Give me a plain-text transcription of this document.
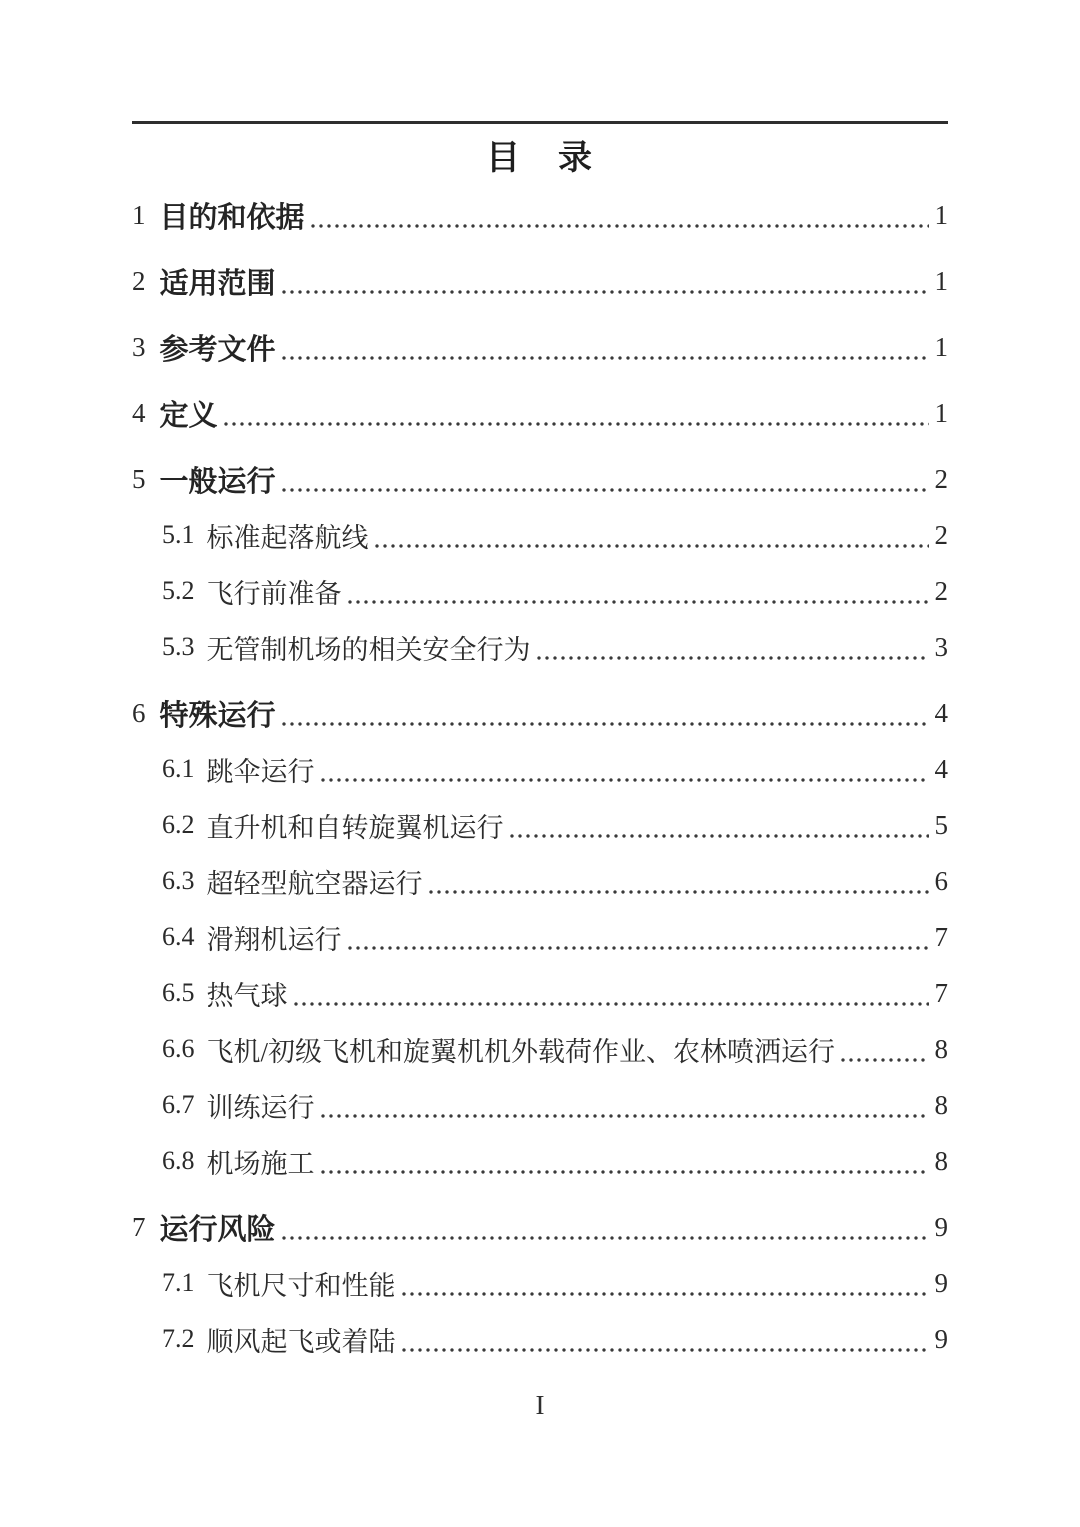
目　录
1 目的和依据	1
2 适用范围	1
3 参考文件	1
4 定义	1
5 一般运行	2
5.1 标准起落航线	2
5.2 飞行前准备	2
5.3 无管制机场的相关安全行为	3
6 特殊运行	4
6.1 跳伞运行	4
6.2 直升机和自转旋翼机运行	5
6.3 超轻型航空器运行	6
6.4 滑翔机运行	7
6.5 热气球	7
6.6 飞机/初级飞机和旋翼机机外载荷作业、农林喷洒运行	8
6.7 训练运行	8
6.8 机场施工	8
7 运行风险	9
7.1 飞机尺寸和性能	9
7.2 顺风起飞或着陆	9
I
